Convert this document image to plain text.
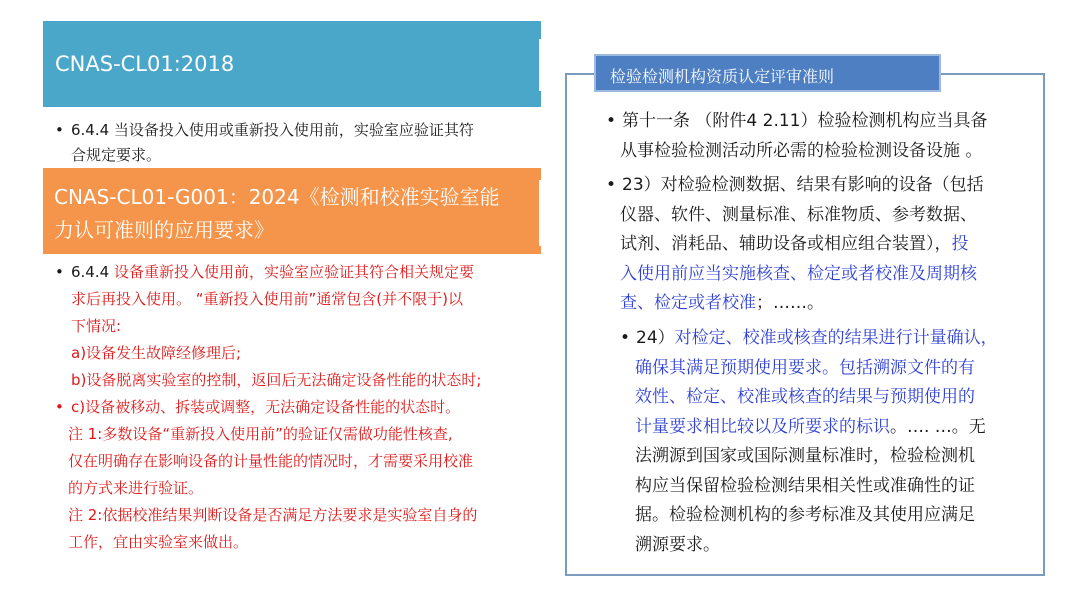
CNAS-CL01:2018
• 6.4.4 当设备投入使用或重新投入使用前，实验室应验证其符
合规定要求。
CNAS-CL01-G001：2024《检测和校准实验室能
力认可准则的应用要求》
• 6.4.4 设备重新投入使用前，实验室应验证其符合相关规定要
求后再投入使用。 “重新投入使用前”通常包含(并不限于)以
下情况:
a)设备发生故障经修理后;
b)设备脱离实验室的控制，返回后无法确定设备性能的状态时;
• c)设备被移动、拆装或调整，无法确定设备性能的状态时。
注 1:多数设备“重新投入使用前”的验证仅需做功能性核查,
仅在明确存在影响设备的计量性能的情况时，才需要采用校准
的方式来进行验证。
注 2:依据校准结果判断设备是否满足方法要求是实验室自身的
工作，宜由实验室来做出。
检验检测机构资质认定评审准则
• 第十一条 （附件4 2.11）检验检测机构应当具备
从事检验检测活动所必需的检验检测设备设施 。
• 23）对检验检测数据、结果有影响的设备（包括
仪器、软件、测量标准、标准物质、参考数据、
试剂、消耗品、辅助设备或相应组合装置），投
入使用前应当实施核查、检定或者校准及周期核
查、检定或者校准；……。
• 24）对检定、校准或核查的结果进行计量确认，
确保其满足预期使用要求。包括溯源文件的有
效性、检定、校准或核查的结果与预期使用的
计量要求相比较以及所要求的标识。…. …。无
法溯源到国家或国际测量标准时，检验检测机
构应当保留检验检测结果相关性或准确性的证
据。检验检测机构的参考标准及其使用应满足
溯源要求。
